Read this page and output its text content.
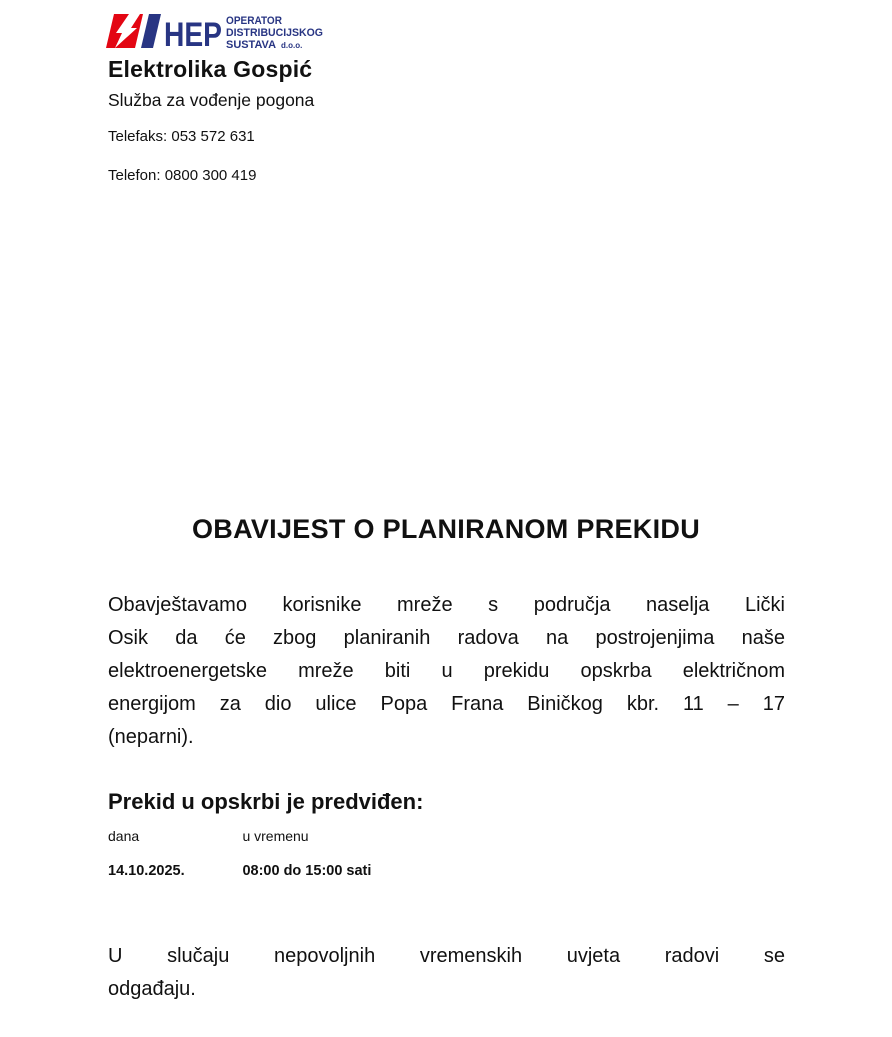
HEP OPERATOR
DISTRIBUCIJSKOG
SUSTAVA d.o.o.
Elektrolika Gospić
Služba za vođenje pogona
Telefaks: 053 572 631
Telefon: 0800 300 419
OBAVIJEST O PLANIRANOM PREKIDU
Obavještavamo korisnike mreže s područja naselja Lički
Osik da će zbog planiranih radova na postrojenjima naše
elektroenergetske mreže biti u prekidu opskrba električnom
energijom za dio ulice Popa Frana Biničkog kbr. 11 – 17
(neparni).
Prekid u opskrbi je predviđen:
dana	u vremenu
14.10.2025.	08:00 do 15:00 sati
U slučaju nepovoljnih vremenskih uvjeta radovi se
odgađaju.
